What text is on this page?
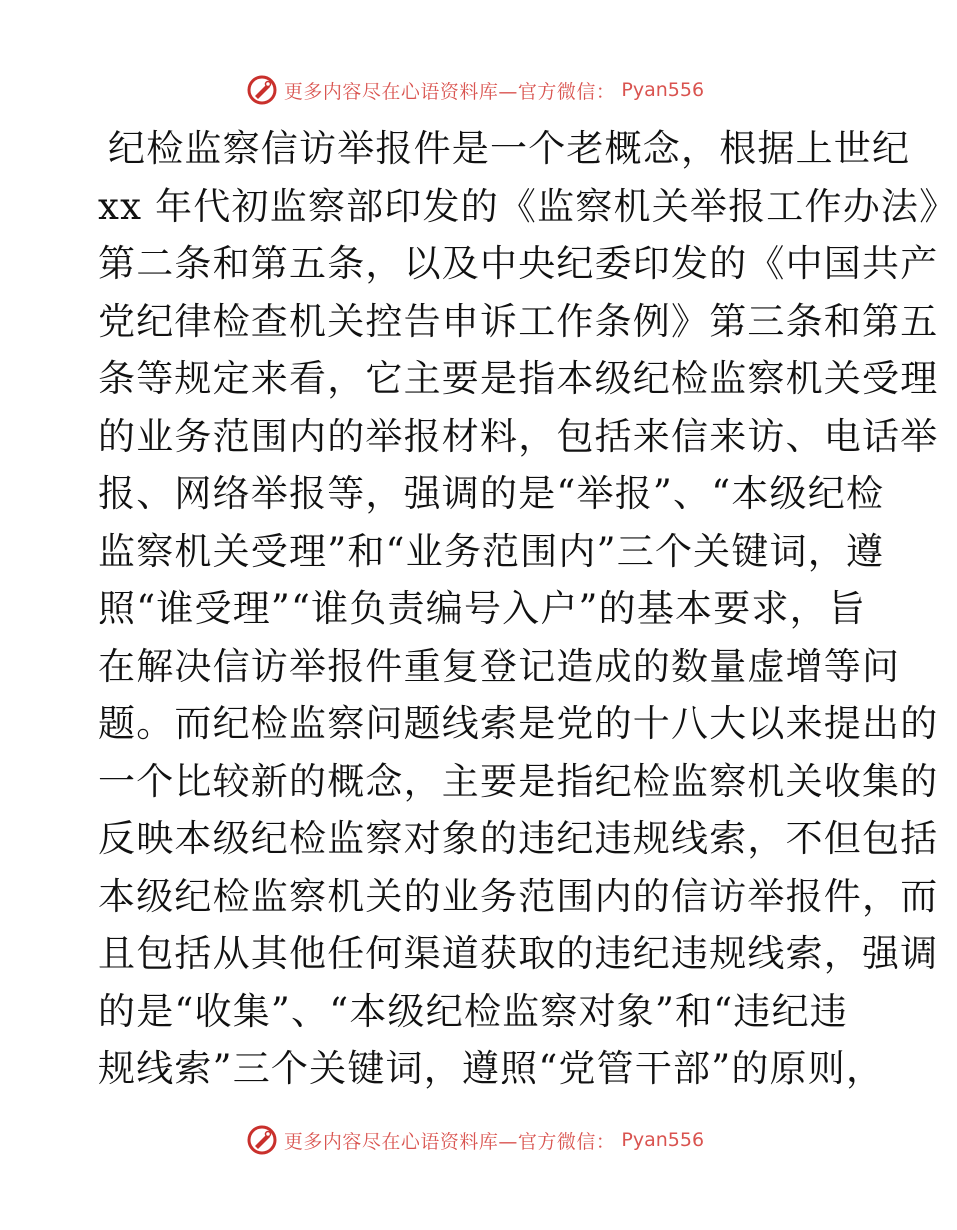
更多内容尽在心语资料库—官方微信： Pyan556
纪检监察信访举报件是一个老概念，根据上世纪
xx 年代初监察部印发的《监察机关举报工作办法》
第二条和第五条，以及中央纪委印发的《中国共产
党纪律检查机关控告申诉工作条例》第三条和第五
条等规定来看，它主要是指本级纪检监察机关受理
的业务范围内的举报材料，包括来信来访、电话举
报、网络举报等，强调的是“举报”、“本级纪检
监察机关受理”和“业务范围内”三个关键词，遵
照“谁受理”“谁负责编号入户”的基本要求，旨
在解决信访举报件重复登记造成的数量虚增等问
题。而纪检监察问题线索是党的十八大以来提出的
一个比较新的概念，主要是指纪检监察机关收集的
反映本级纪检监察对象的违纪违规线索，不但包括
本级纪检监察机关的业务范围内的信访举报件，而
且包括从其他任何渠道获取的违纪违规线索，强调
的是“收集”、“本级纪检监察对象”和“违纪违
规线索”三个关键词，遵照“党管干部”的原则，
更多内容尽在心语资料库—官方微信： Pyan556
